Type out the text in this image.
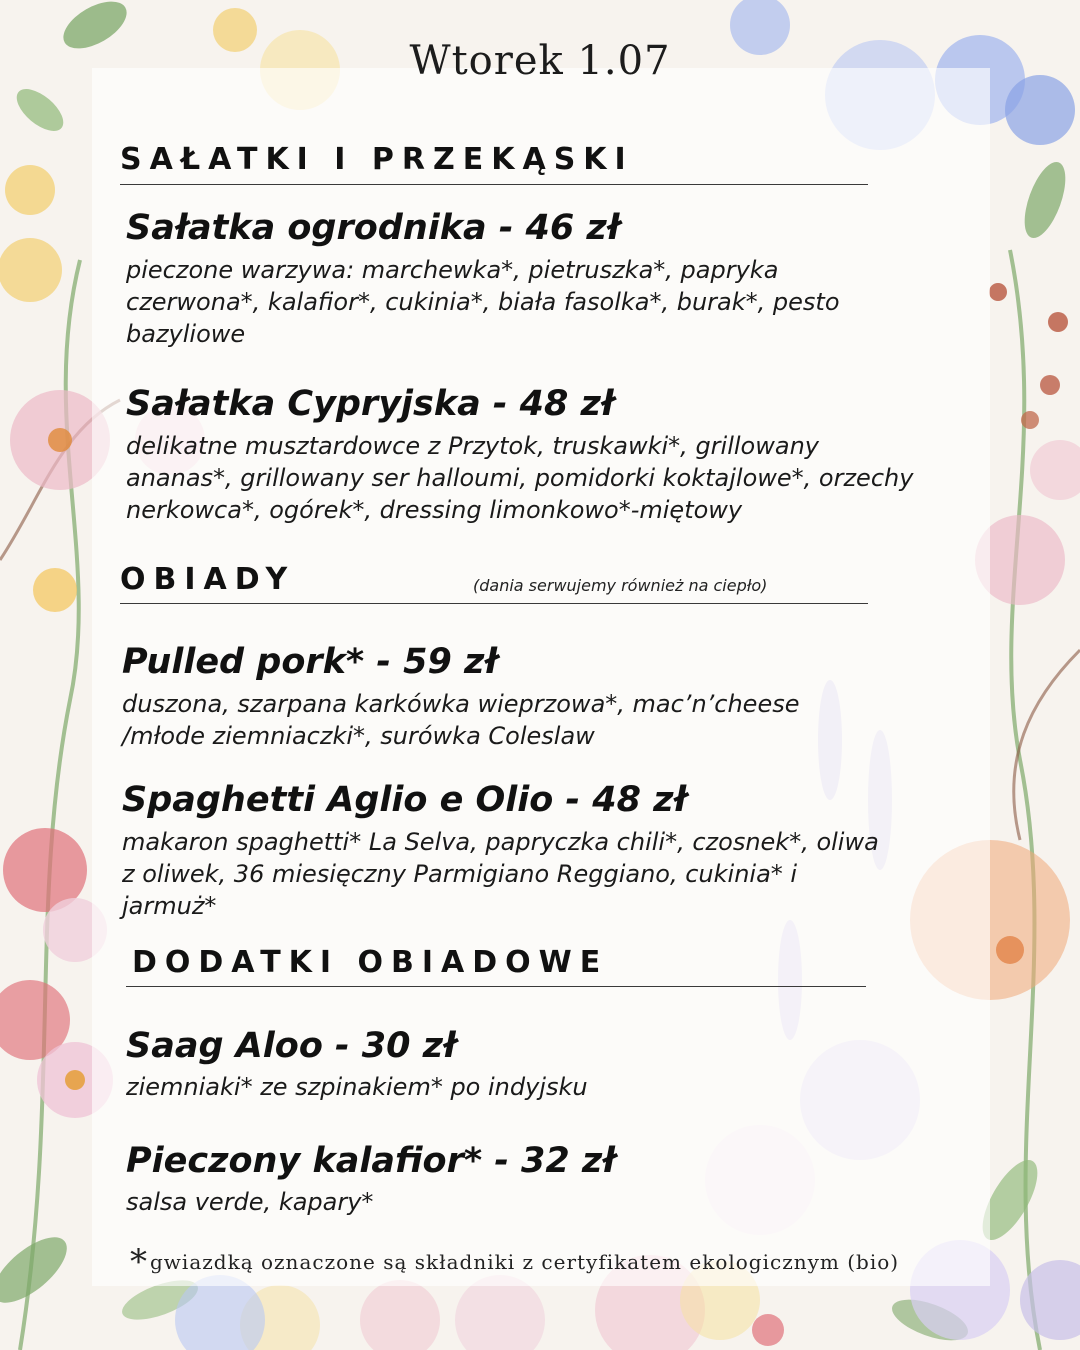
Wtorek 1.07
SAŁATKI I PRZEKĄSKI
Sałatka ogrodnika - 46 zł
pieczone warzywa: marchewka*, pietruszka*, papryka czerwona*, kalafior*, cukinia*, biała fasolka*, burak*, pesto bazyliowe
Sałatka Cypryjska - 48 zł
delikatne musztardowce z Przytok, truskawki*, grillowany ananas*, grillowany ser halloumi, pomidorki koktajlowe*, orzechy nerkowca*, ogórek*, dressing limonkowo*-miętowy
OBIADY	(dania serwujemy również na ciepło)
Pulled pork* - 59 zł
duszona, szarpana karkówka wieprzowa*, mac’n’cheese /młode ziemniaczki*, surówka Coleslaw
Spaghetti Aglio e Olio - 48 zł
makaron spaghetti* La Selva, papryczka chili*, czosnek*, oliwa z oliwek, 36 miesięczny Parmigiano Reggiano, cukinia* i jarmuż*
DODATKI OBIADOWE
Saag Aloo - 30 zł
ziemniaki* ze szpinakiem* po indyjsku
Pieczony kalafior* - 32 zł
salsa verde, kapary*
* gwiazdką oznaczone są składniki z certyfikatem ekologicznym (bio)
